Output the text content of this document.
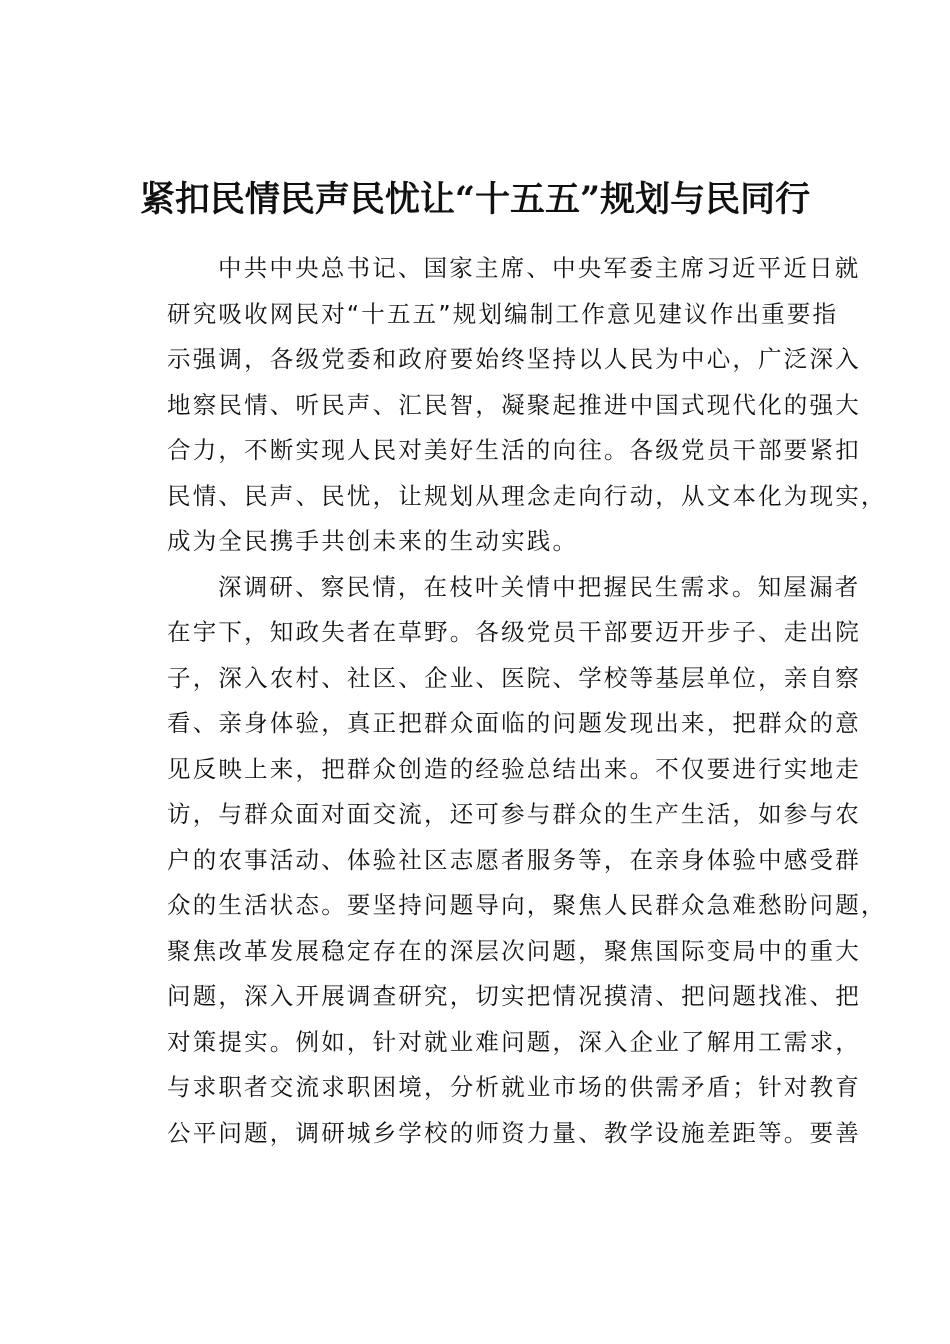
紧扣民情民声民忧让“十五五”规划与民同行
中共中央总书记、国家主席、中央军委主席习近平近日就
研究吸收网民对“十五五”规划编制工作意见建议作出重要指
示强调，各级党委和政府要始终坚持以人民为中心，广泛深入
地察民情、听民声、汇民智，凝聚起推进中国式现代化的强大
合力，不断实现人民对美好生活的向往。各级党员干部要紧扣
民情、民声、民忧，让规划从理念走向行动，从文本化为现实，
成为全民携手共创未来的生动实践。
深调研、察民情，在枝叶关情中把握民生需求。知屋漏者
在宇下，知政失者在草野。各级党员干部要迈开步子、走出院
子，深入农村、社区、企业、医院、学校等基层单位，亲自察
看、亲身体验，真正把群众面临的问题发现出来，把群众的意
见反映上来，把群众创造的经验总结出来。不仅要进行实地走
访，与群众面对面交流，还可参与群众的生产生活，如参与农
户的农事活动、体验社区志愿者服务等，在亲身体验中感受群
众的生活状态。要坚持问题导向，聚焦人民群众急难愁盼问题，
聚焦改革发展稳定存在的深层次问题，聚焦国际变局中的重大
问题，深入开展调查研究，切实把情况摸清、把问题找准、把
对策提实。例如，针对就业难问题，深入企业了解用工需求，
与求职者交流求职困境，分析就业市场的供需矛盾；针对教育
公平问题，调研城乡学校的师资力量、教学设施差距等。要善
